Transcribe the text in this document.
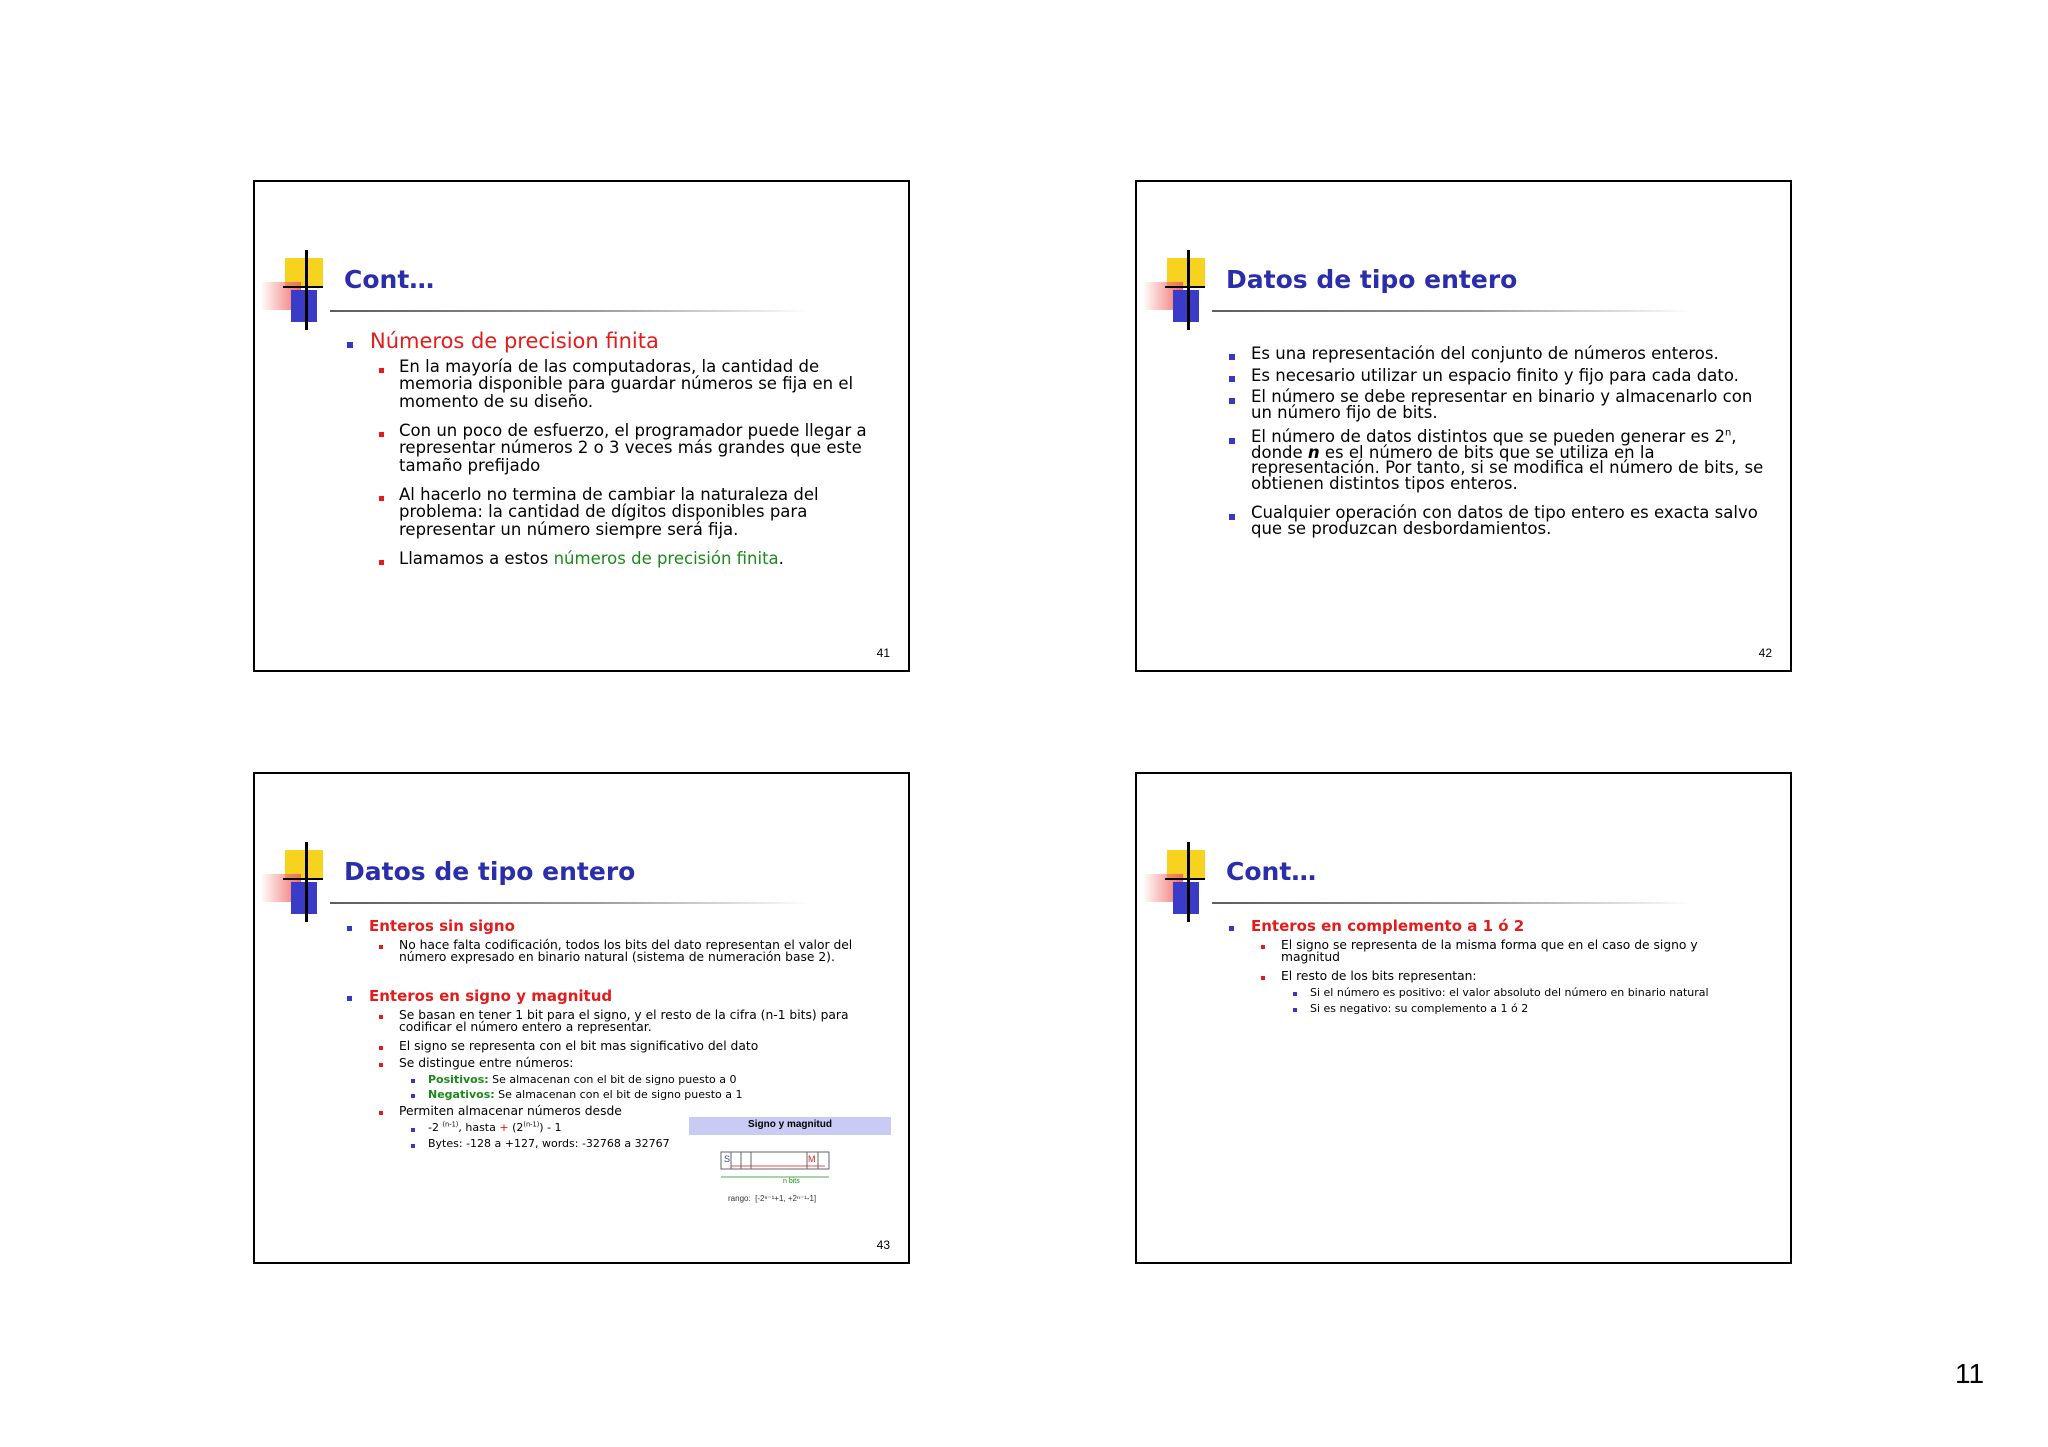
Cont…
Números de precision finita
En la mayoría de las computadoras, la cantidad de memoria disponible para guardar números se fija en el momento de su diseño.
Con un poco de esfuerzo, el programador puede llegar a representar números 2 o 3 veces más grandes que este tamaño prefijado
Al hacerlo no termina de cambiar la naturaleza del problema: la cantidad de dígitos disponibles para representar un número siempre será fija.
Llamamos a estos números de precisión finita.
41
Datos de tipo entero
Es una representación del conjunto de números enteros.
Es necesario utilizar un espacio finito y fijo para cada dato.
El número se debe representar en binario y almacenarlo con un número fijo de bits.
El número de datos distintos que se pueden generar es 2$^n$, donde n es el número de bits que se utiliza en la representación. Por tanto, si se modifica el número de bits, se obtienen distintos tipos enteros.
Cualquier operación con datos de tipo entero es exacta salvo que se produzcan desbordamientos.
42
Datos de tipo entero
Enteros sin signo
No hace falta codificación, todos los bits del dato representan el valor del número expresado en binario natural (sistema de numeración base 2).
Enteros en signo y magnitud
Se basan en tener 1 bit para el signo, y el resto de la cifra (n-1 bits) para codificar el número entero a representar.
El signo se representa con el bit mas significativo del dato
Se distingue entre números:
Positivos: Se almacenan con el bit de signo puesto a 0
Negativos: Se almacenan con el bit de signo puesto a 1
Permiten almacenar números desde
-2 $^{(n-1)}$, hasta + $(2^{(n-1)}) - 1$
Bytes: -128 a +127, words: -32768 a 32767
Signo y magnitud
S	M
n bits
rango: [-2ⁿ⁻¹+1, +2ⁿ⁻¹-1]
43
Cont…
Enteros en complemento a 1 ó 2
El signo se representa de la misma forma que en el caso de signo y magnitud
El resto de los bits representan:
Si el número es positivo: el valor absoluto del número en binario natural
Si es negativo: su complemento a 1 ó 2
11
